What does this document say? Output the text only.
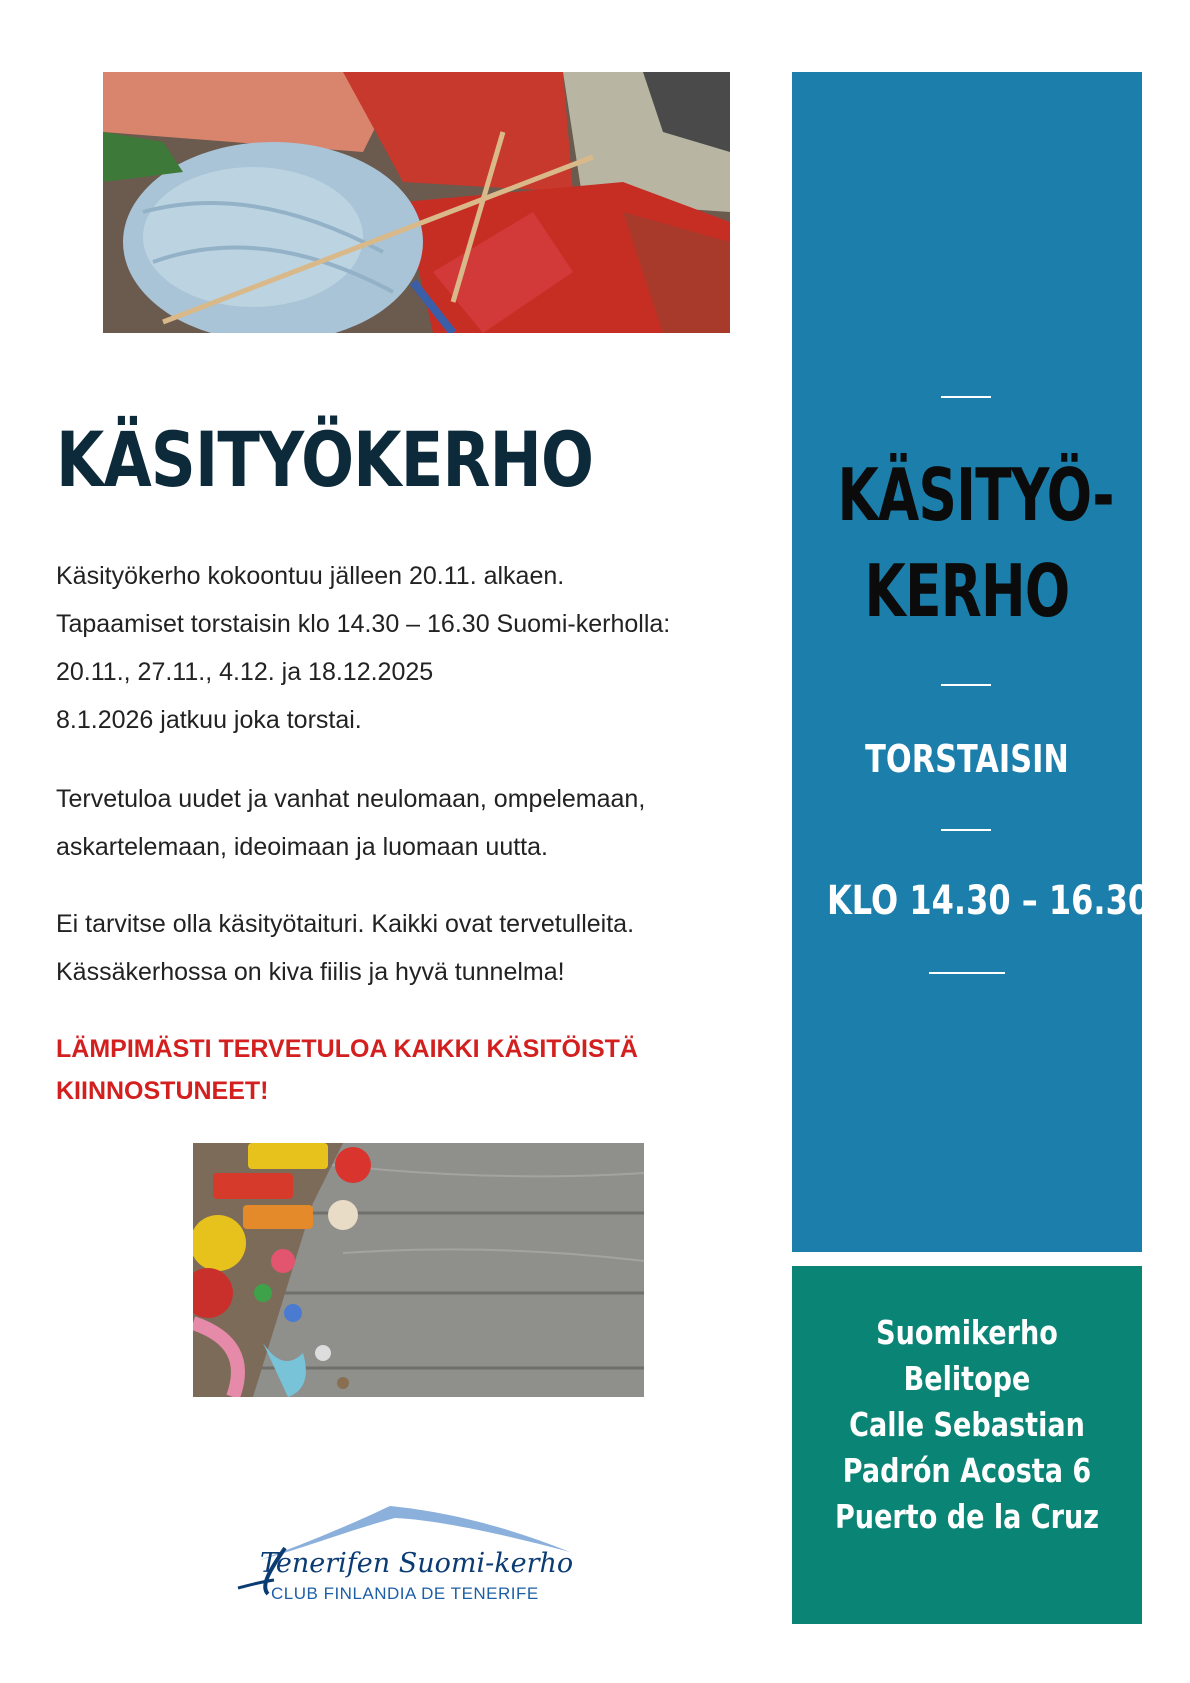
KÄSITYÖKERHO
Käsityökerho kokoontuu jälleen 20.11. alkaen.
Tapaamiset torstaisin klo 14.30 – 16.30 Suomi-kerholla:
20.11., 27.11., 4.12. ja 18.12.2025
8.1.2026 jatkuu joka torstai.
Tervetuloa uudet ja vanhat neulomaan, ompelemaan,
askartelemaan, ideoimaan ja luomaan uutta.
Ei tarvitse olla käsityötaituri. Kaikki ovat tervetulleita.
Kässäkerhossa on kiva fiilis ja hyvä tunnelma!
LÄMPIMÄSTI TERVETULOA KAIKKI KÄSITÖISTÄ
KIINNOSTUNEET!
Tenerifen Suomi-kerho
CLUB FINLANDIA DE TENERIFE
KÄSITYÖ-
KERHO
TORSTAISIN
KLO 14.30 – 16.30
Suomikerho
Belitope
Calle Sebastian
Padrón Acosta 6
Puerto de la Cruz
